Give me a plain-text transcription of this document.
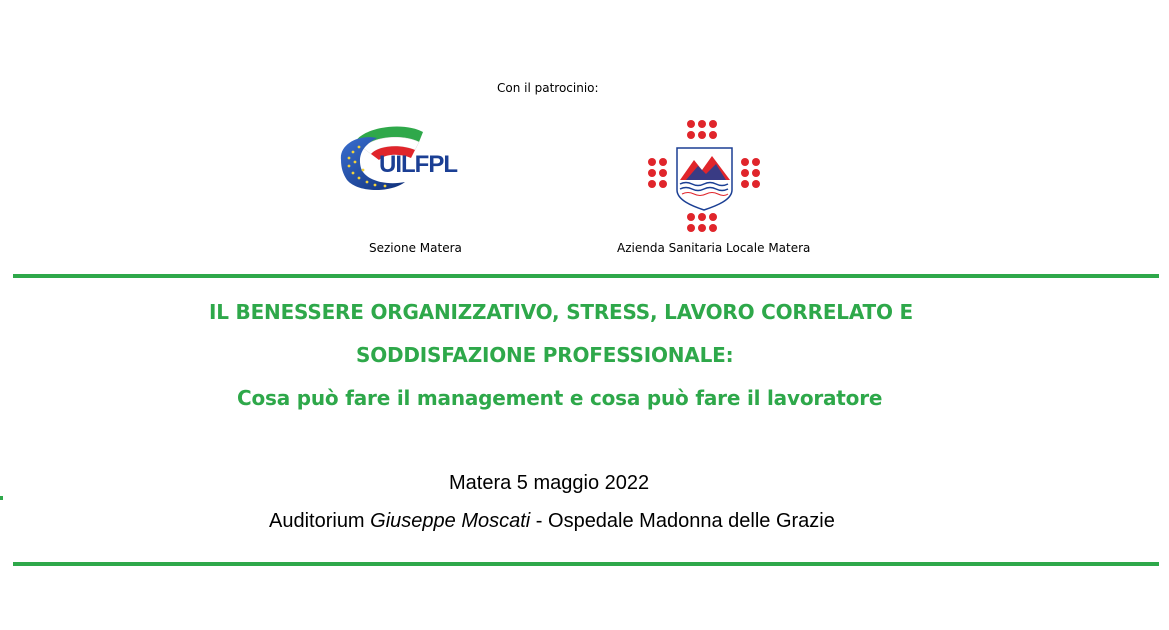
Con il patrocinio:
UILFPL
Sezione Matera	Azienda Sanitaria Locale Matera
IL BENESSERE ORGANIZZATIVO, STRESS, LAVORO CORRELATO E
SODDISFAZIONE PROFESSIONALE:
Cosa può fare il management e cosa può fare il lavoratore
Matera 5 maggio 2022
Auditorium Giuseppe Moscati - Ospedale Madonna delle Grazie
